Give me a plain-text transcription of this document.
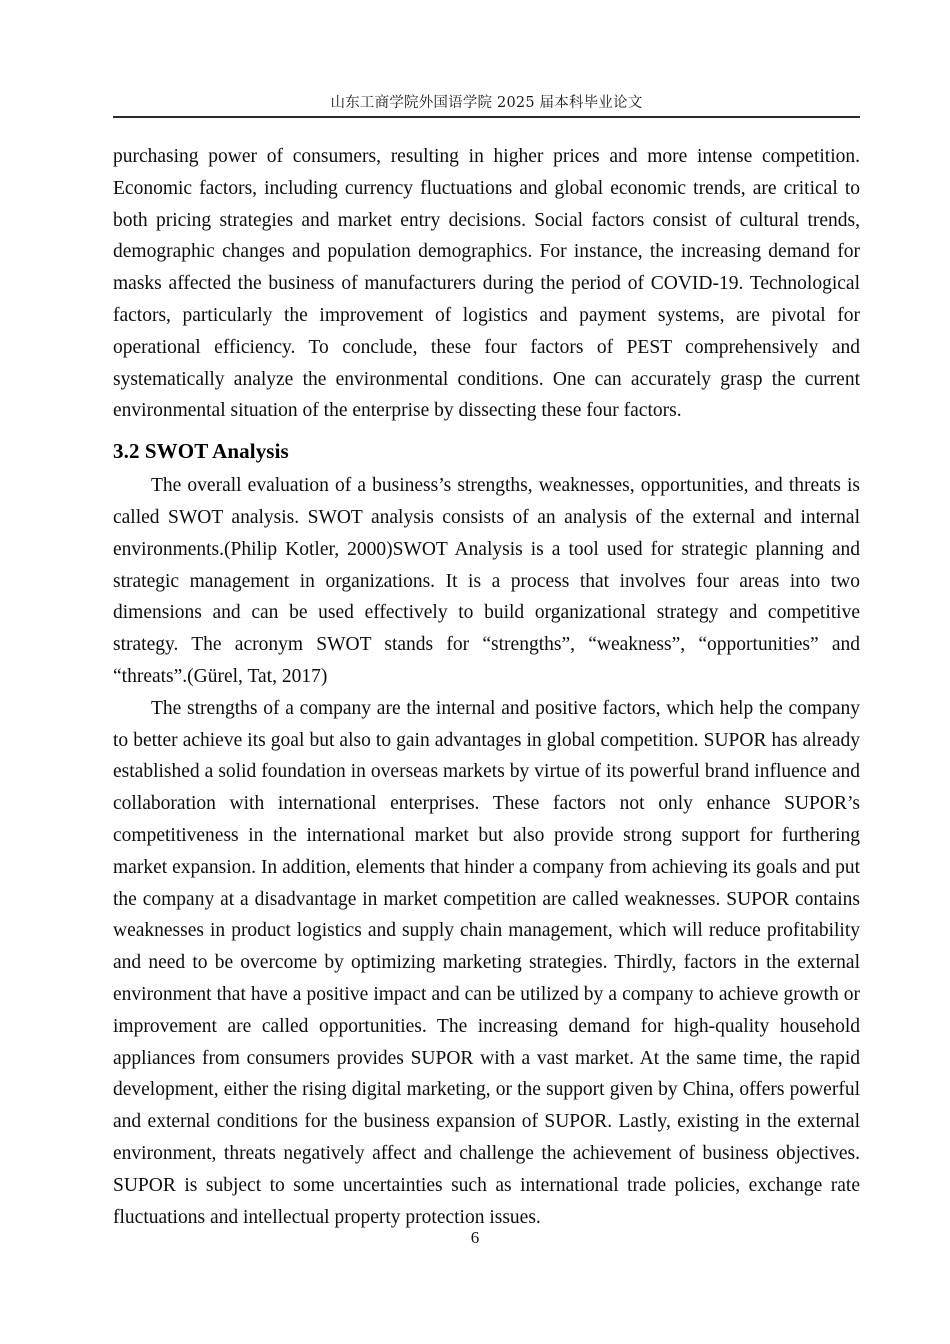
山东工商学院外国语学院 2025 届本科毕业论文

purchasing power of consumers, resulting in higher prices and more intense competition. Economic factors, including currency fluctuations and global economic trends, are critical to both pricing strategies and market entry decisions. Social factors consist of cultural trends, demographic changes and population demographics. For instance, the increasing demand for masks affected the business of manufacturers during the period of COVID-19. Technological factors, particularly the improvement of logistics and payment systems, are pivotal for operational efficiency. To conclude, these four factors of PEST comprehensively and systematically analyze the environmental conditions. One can accurately grasp the current environmental situation of the enterprise by dissecting these four factors.

3.2 SWOT Analysis

The overall evaluation of a business’s strengths, weaknesses, opportunities, and threats is called SWOT analysis. SWOT analysis consists of an analysis of the external and internal environments.(Philip Kotler, 2000)SWOT Analysis is a tool used for strategic planning and strategic management in organizations. It is a process that involves four areas into two dimensions and can be used effectively to build organizational strategy and competitive strategy. The acronym SWOT stands for “strengths”, “weakness”, “opportunities” and “threats”.(Gürel, Tat, 2017)

The strengths of a company are the internal and positive factors, which help the company to better achieve its goal but also to gain advantages in global competition. SUPOR has already established a solid foundation in overseas markets by virtue of its powerful brand influence and collaboration with international enterprises. These factors not only enhance SUPOR’s competitiveness in the international market but also provide strong support for furthering market expansion. In addition, elements that hinder a company from achieving its goals and put the company at a disadvantage in market competition are called weaknesses. SUPOR contains weaknesses in product logistics and supply chain management, which will reduce profitability and need to be overcome by optimizing marketing strategies. Thirdly, factors in the external environment that have a positive impact and can be utilized by a company to achieve growth or improvement are called opportunities. The increasing demand for high-quality household appliances from consumers provides SUPOR with a vast market. At the same time, the rapid development, either the rising digital marketing, or the support given by China, offers powerful and external conditions for the business expansion of SUPOR. Lastly, existing in the external environment, threats negatively affect and challenge the achievement of business objectives. SUPOR is subject to some uncertainties such as international trade policies, exchange rate fluctuations and intellectual property protection issues.

6
